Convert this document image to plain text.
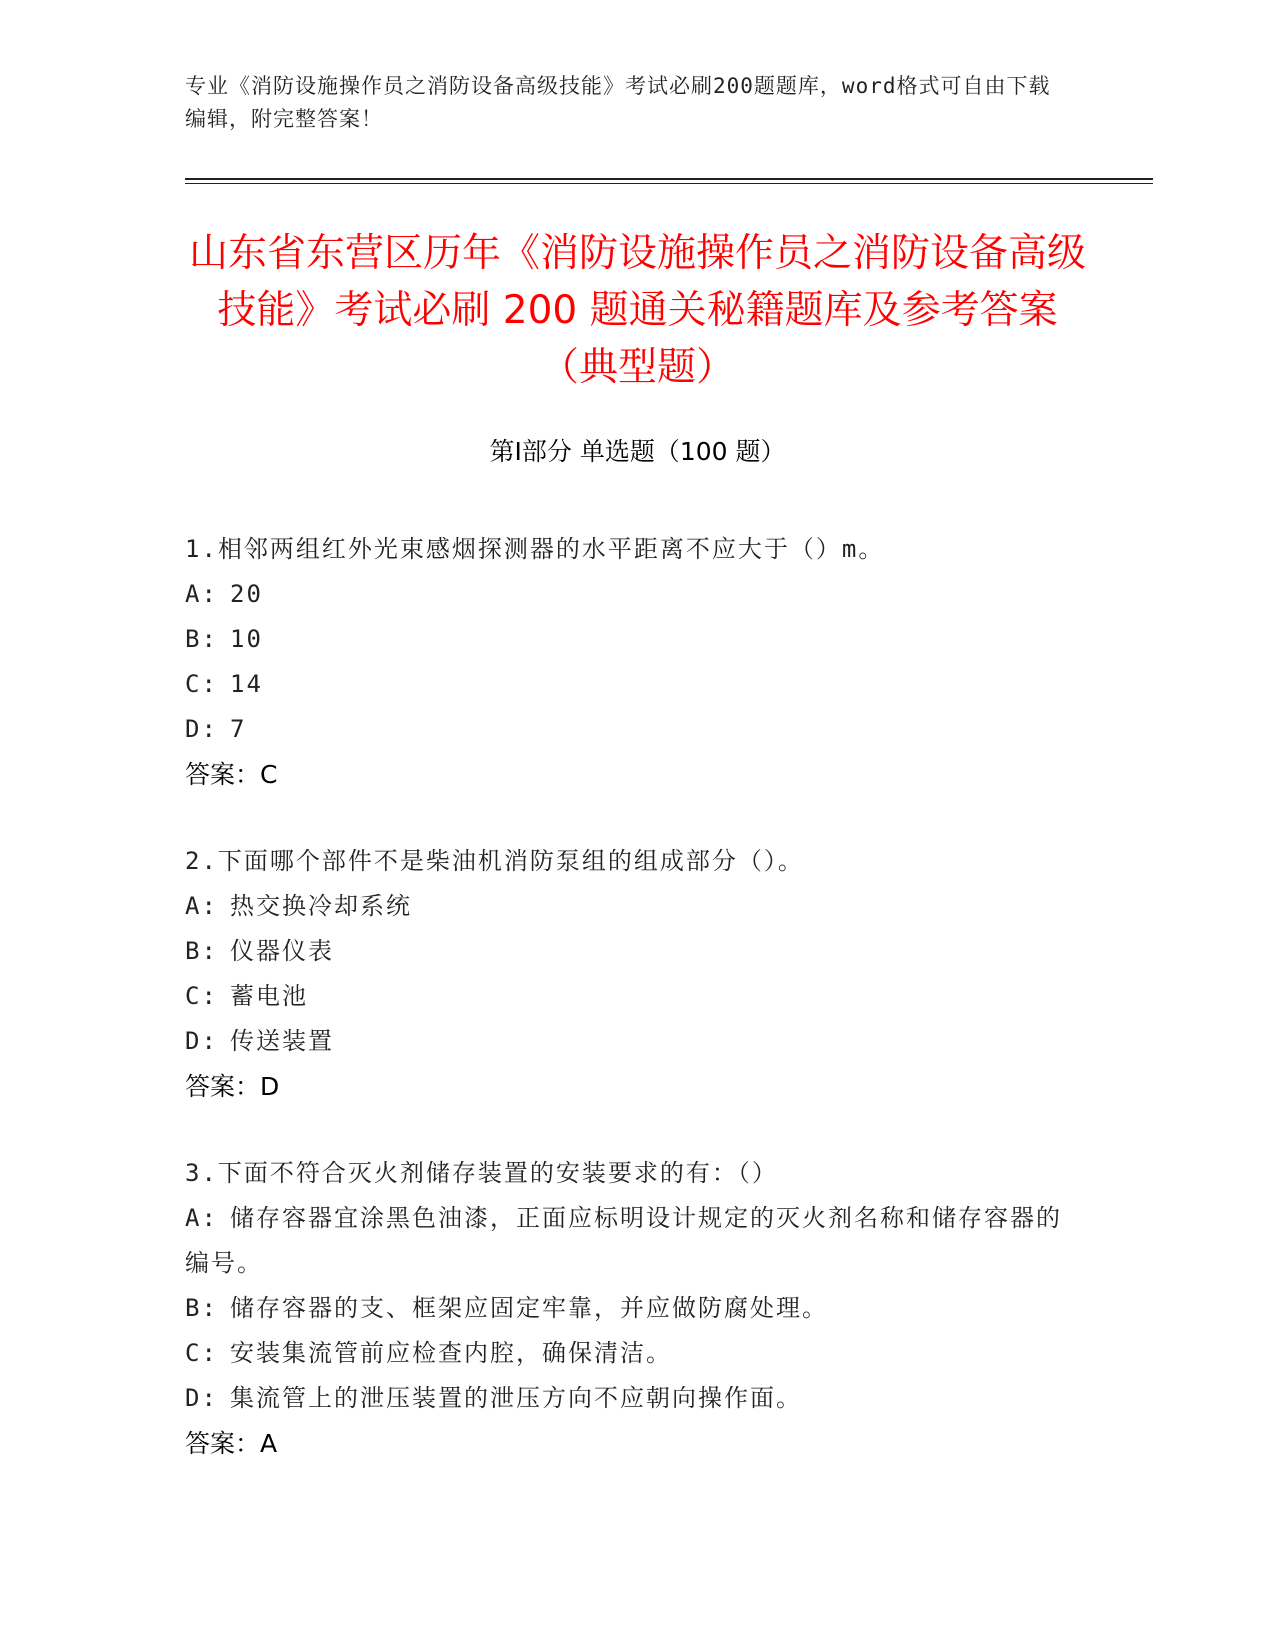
专业《消防设施操作员之消防设备高级技能》考试必刷200题题库，word格式可自由下载编辑，附完整答案！
山东省东营区历年《消防设施操作员之消防设备高级技能》考试必刷 200 题通关秘籍题库及参考答案（典型题）
第Ⅰ部分 单选题（100 题）
1.相邻两组红外光束感烟探测器的水平距离不应大于（）m。
A: 20
B: 10
C: 14
D: 7
答案：C
2.下面哪个部件不是柴油机消防泵组的组成部分（）。
A: 热交换冷却系统
B: 仪器仪表
C: 蓄电池
D: 传送装置
答案：D
3.下面不符合灭火剂储存装置的安装要求的有：（）
A: 储存容器宜涂黑色油漆，正面应标明设计规定的灭火剂名称和储存容器的编号。
B: 储存容器的支、框架应固定牢靠，并应做防腐处理。
C: 安装集流管前应检查内腔，确保清洁。
D: 集流管上的泄压装置的泄压方向不应朝向操作面。
答案：A
